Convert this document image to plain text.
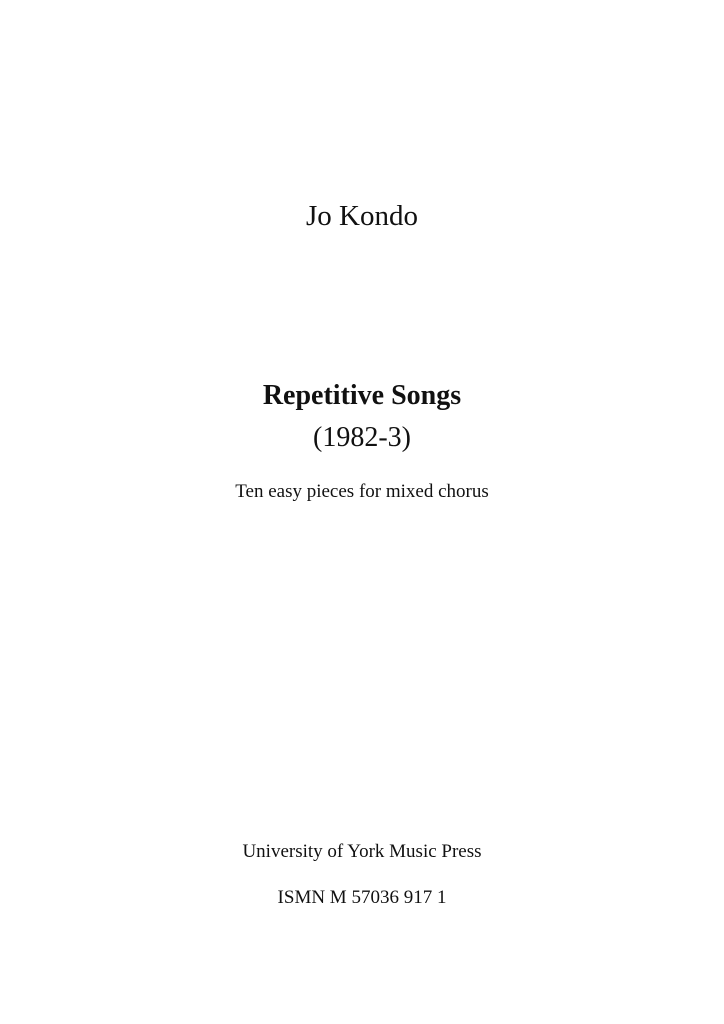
Jo Kondo
Repetitive Songs
(1982-3)
Ten easy pieces for mixed chorus
University of York Music Press
ISMN M 57036 917 1
